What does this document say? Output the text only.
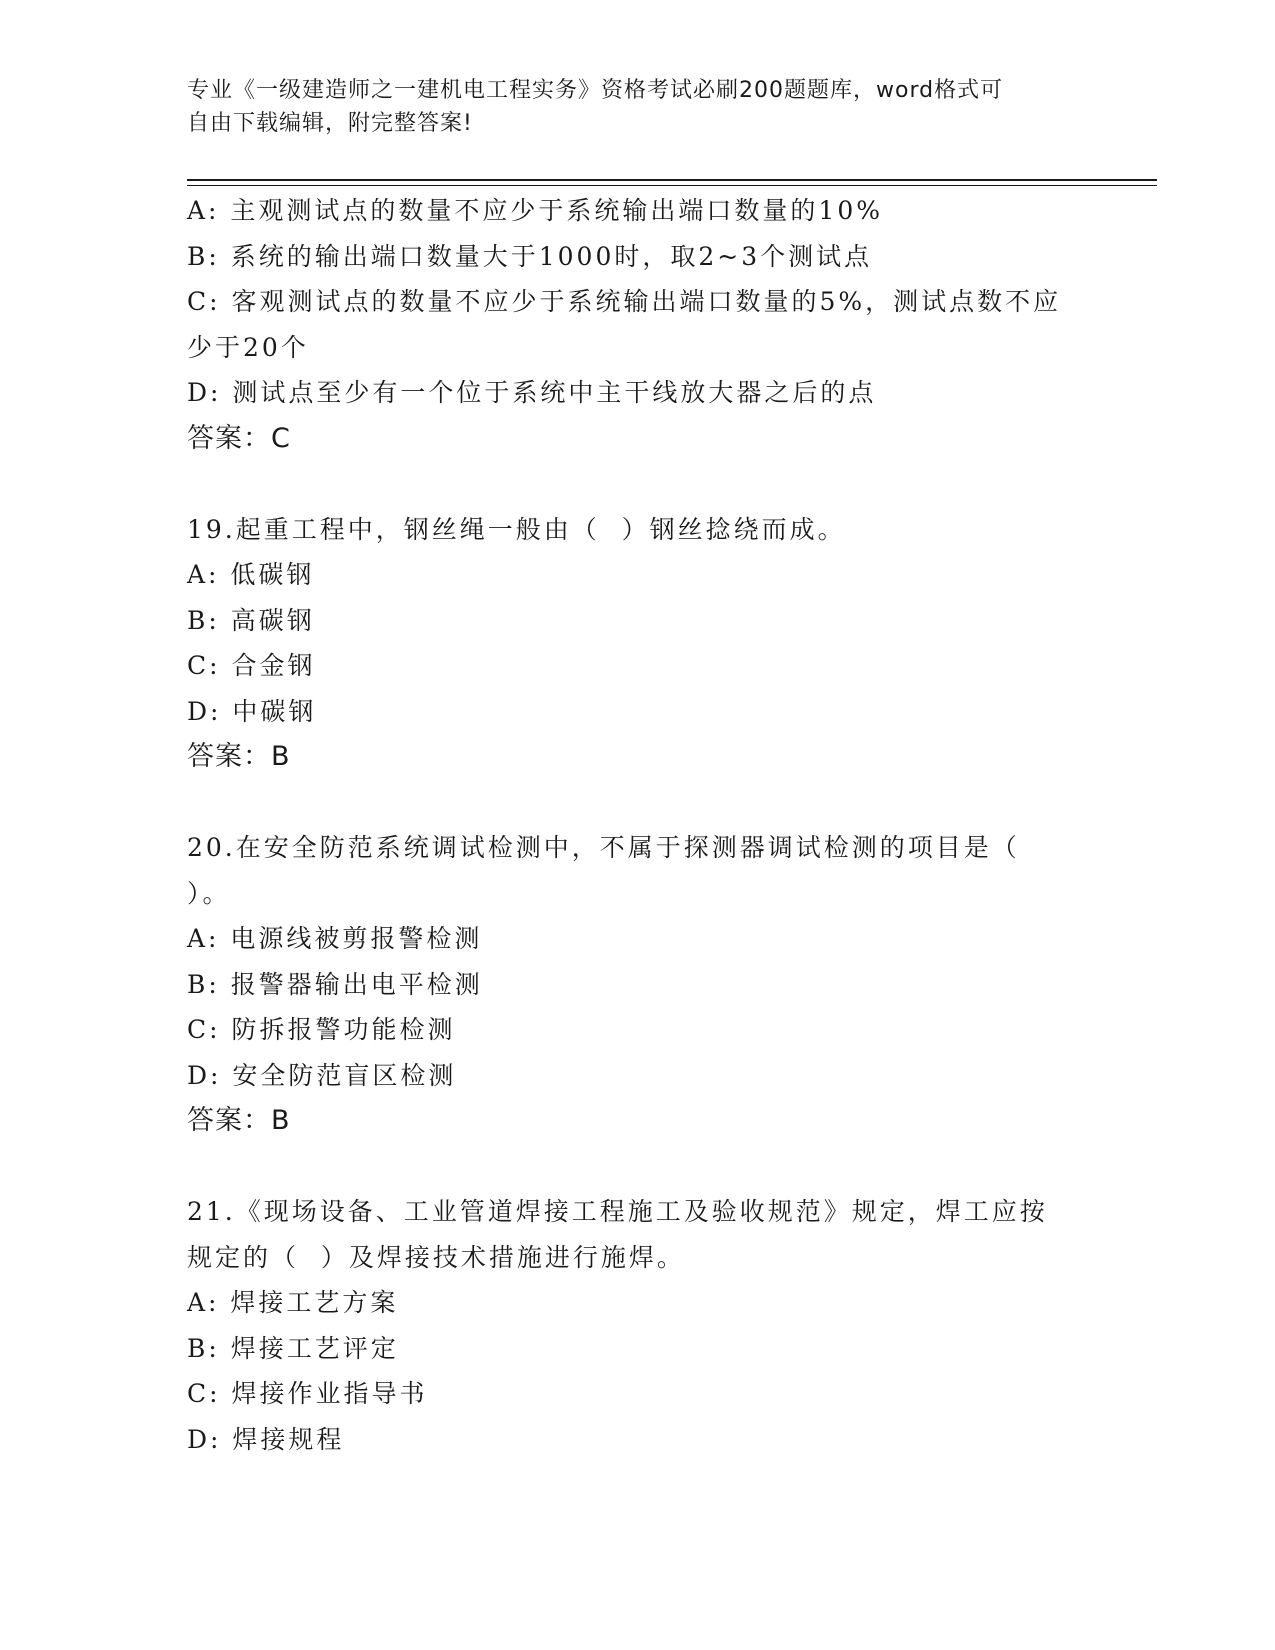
专业《一级建造师之一建机电工程实务》资格考试必刷200题题库，word格式可
自由下载编辑，附完整答案!
A: 主观测试点的数量不应少于系统输出端口数量的10%
B: 系统的输出端口数量大于1000时，取2~3个测试点
C: 客观测试点的数量不应少于系统输出端口数量的5%，测试点数不应
少于20个
D: 测试点至少有一个位于系统中主干线放大器之后的点
答案：C
19.起重工程中，钢丝绳一般由（  ）钢丝捻绕而成。
A: 低碳钢
B: 高碳钢
C: 合金钢
D: 中碳钢
答案：B
20.在安全防范系统调试检测中，不属于探测器调试检测的项目是（
）。
A: 电源线被剪报警检测
B: 报警器输出电平检测
C: 防拆报警功能检测
D: 安全防范盲区检测
答案：B
21.《现场设备、工业管道焊接工程施工及验收规范》规定，焊工应按
规定的（  ）及焊接技术措施进行施焊。
A: 焊接工艺方案
B: 焊接工艺评定
C: 焊接作业指导书
D: 焊接规程
